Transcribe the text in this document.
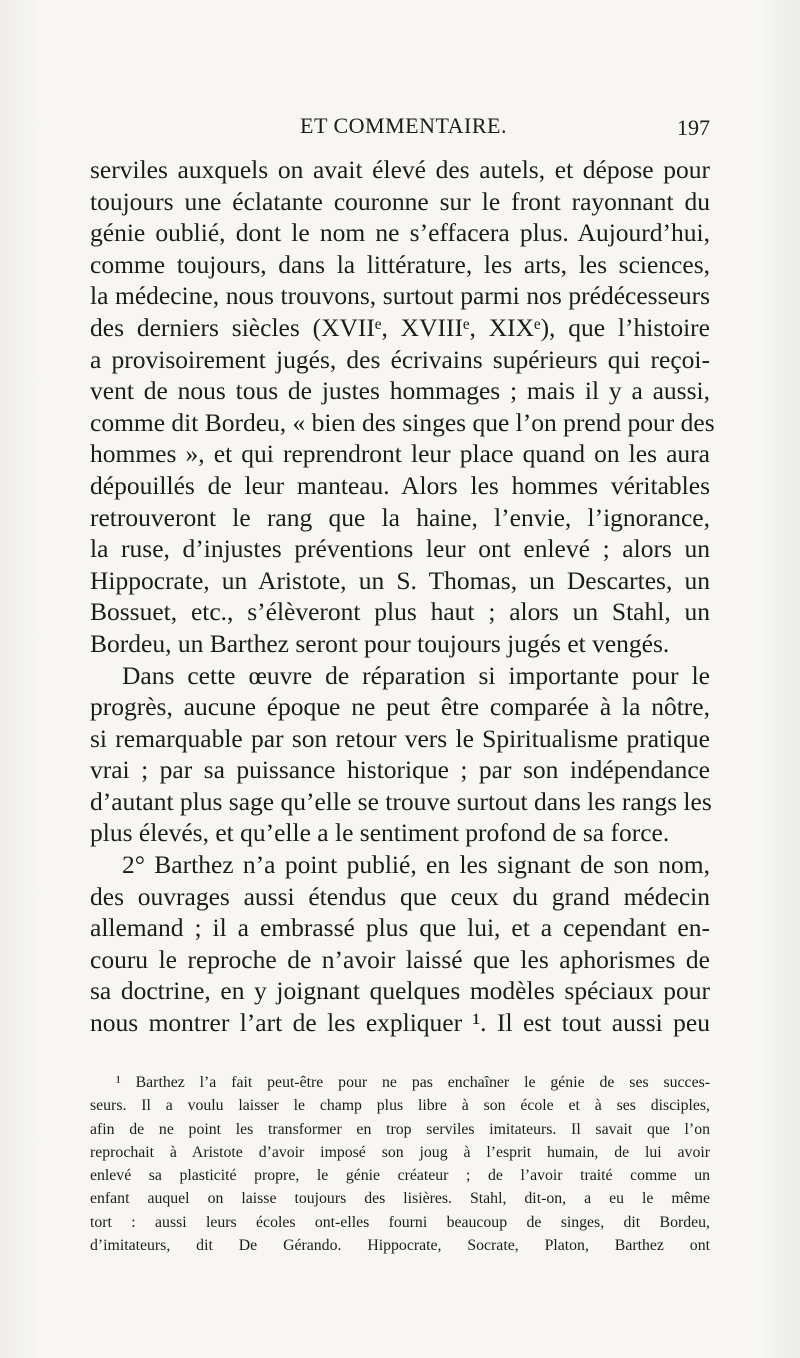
ET COMMENTAIRE.	197
serviles auxquels on avait élevé des autels, et dépose pour
toujours une éclatante couronne sur le front rayonnant du
génie oublié, dont le nom ne s’effacera plus. Aujourd’hui,
comme toujours, dans la littérature, les arts, les sciences,
la médecine, nous trouvons, surtout parmi nos prédécesseurs
des derniers siècles (XVIIᵉ, XVIIIᵉ, XIXᵉ), que l’histoire
a provisoirement jugés, des écrivains supérieurs qui reçoi-
vent de nous tous de justes hommages ; mais il y a aussi,
comme dit Bordeu, « bien des singes que l’on prend pour des
hommes », et qui reprendront leur place quand on les aura
dépouillés de leur manteau. Alors les hommes véritables
retrouveront le rang que la haine, l’envie, l’ignorance,
la ruse, d’injustes préventions leur ont enlevé ; alors un
Hippocrate, un Aristote, un S. Thomas, un Descartes, un
Bossuet, etc., s’élèveront plus haut ; alors un Stahl, un
Bordeu, un Barthez seront pour toujours jugés et vengés.
Dans cette œuvre de réparation si importante pour le
progrès, aucune époque ne peut être comparée à la nôtre,
si remarquable par son retour vers le Spiritualisme pratique
vrai ; par sa puissance historique ; par son indépendance
d’autant plus sage qu’elle se trouve surtout dans les rangs les
plus élevés, et qu’elle a le sentiment profond de sa force.
2° Barthez n’a point publié, en les signant de son nom,
des ouvrages aussi étendus que ceux du grand médecin
allemand ; il a embrassé plus que lui, et a cependant en-
couru le reproche de n’avoir laissé que les aphorismes de
sa doctrine, en y joignant quelques modèles spéciaux pour
nous montrer l’art de les expliquer ¹. Il est tout aussi peu
¹ Barthez l’a fait peut-être pour ne pas enchaîner le génie de ses succes-
seurs. Il a voulu laisser le champ plus libre à son école et à ses disciples,
afin de ne point les transformer en trop serviles imitateurs. Il savait que l’on
reprochait à Aristote d’avoir imposé son joug à l’esprit humain, de lui avoir
enlevé sa plasticité propre, le génie créateur ; de l’avoir traité comme un
enfant auquel on laisse toujours des lisières. Stahl, dit-on, a eu le même
tort : aussi leurs écoles ont-elles fourni beaucoup de singes, dit Bordeu,
d’imitateurs, dit De Gérando. Hippocrate, Socrate, Platon, Barthez ont
